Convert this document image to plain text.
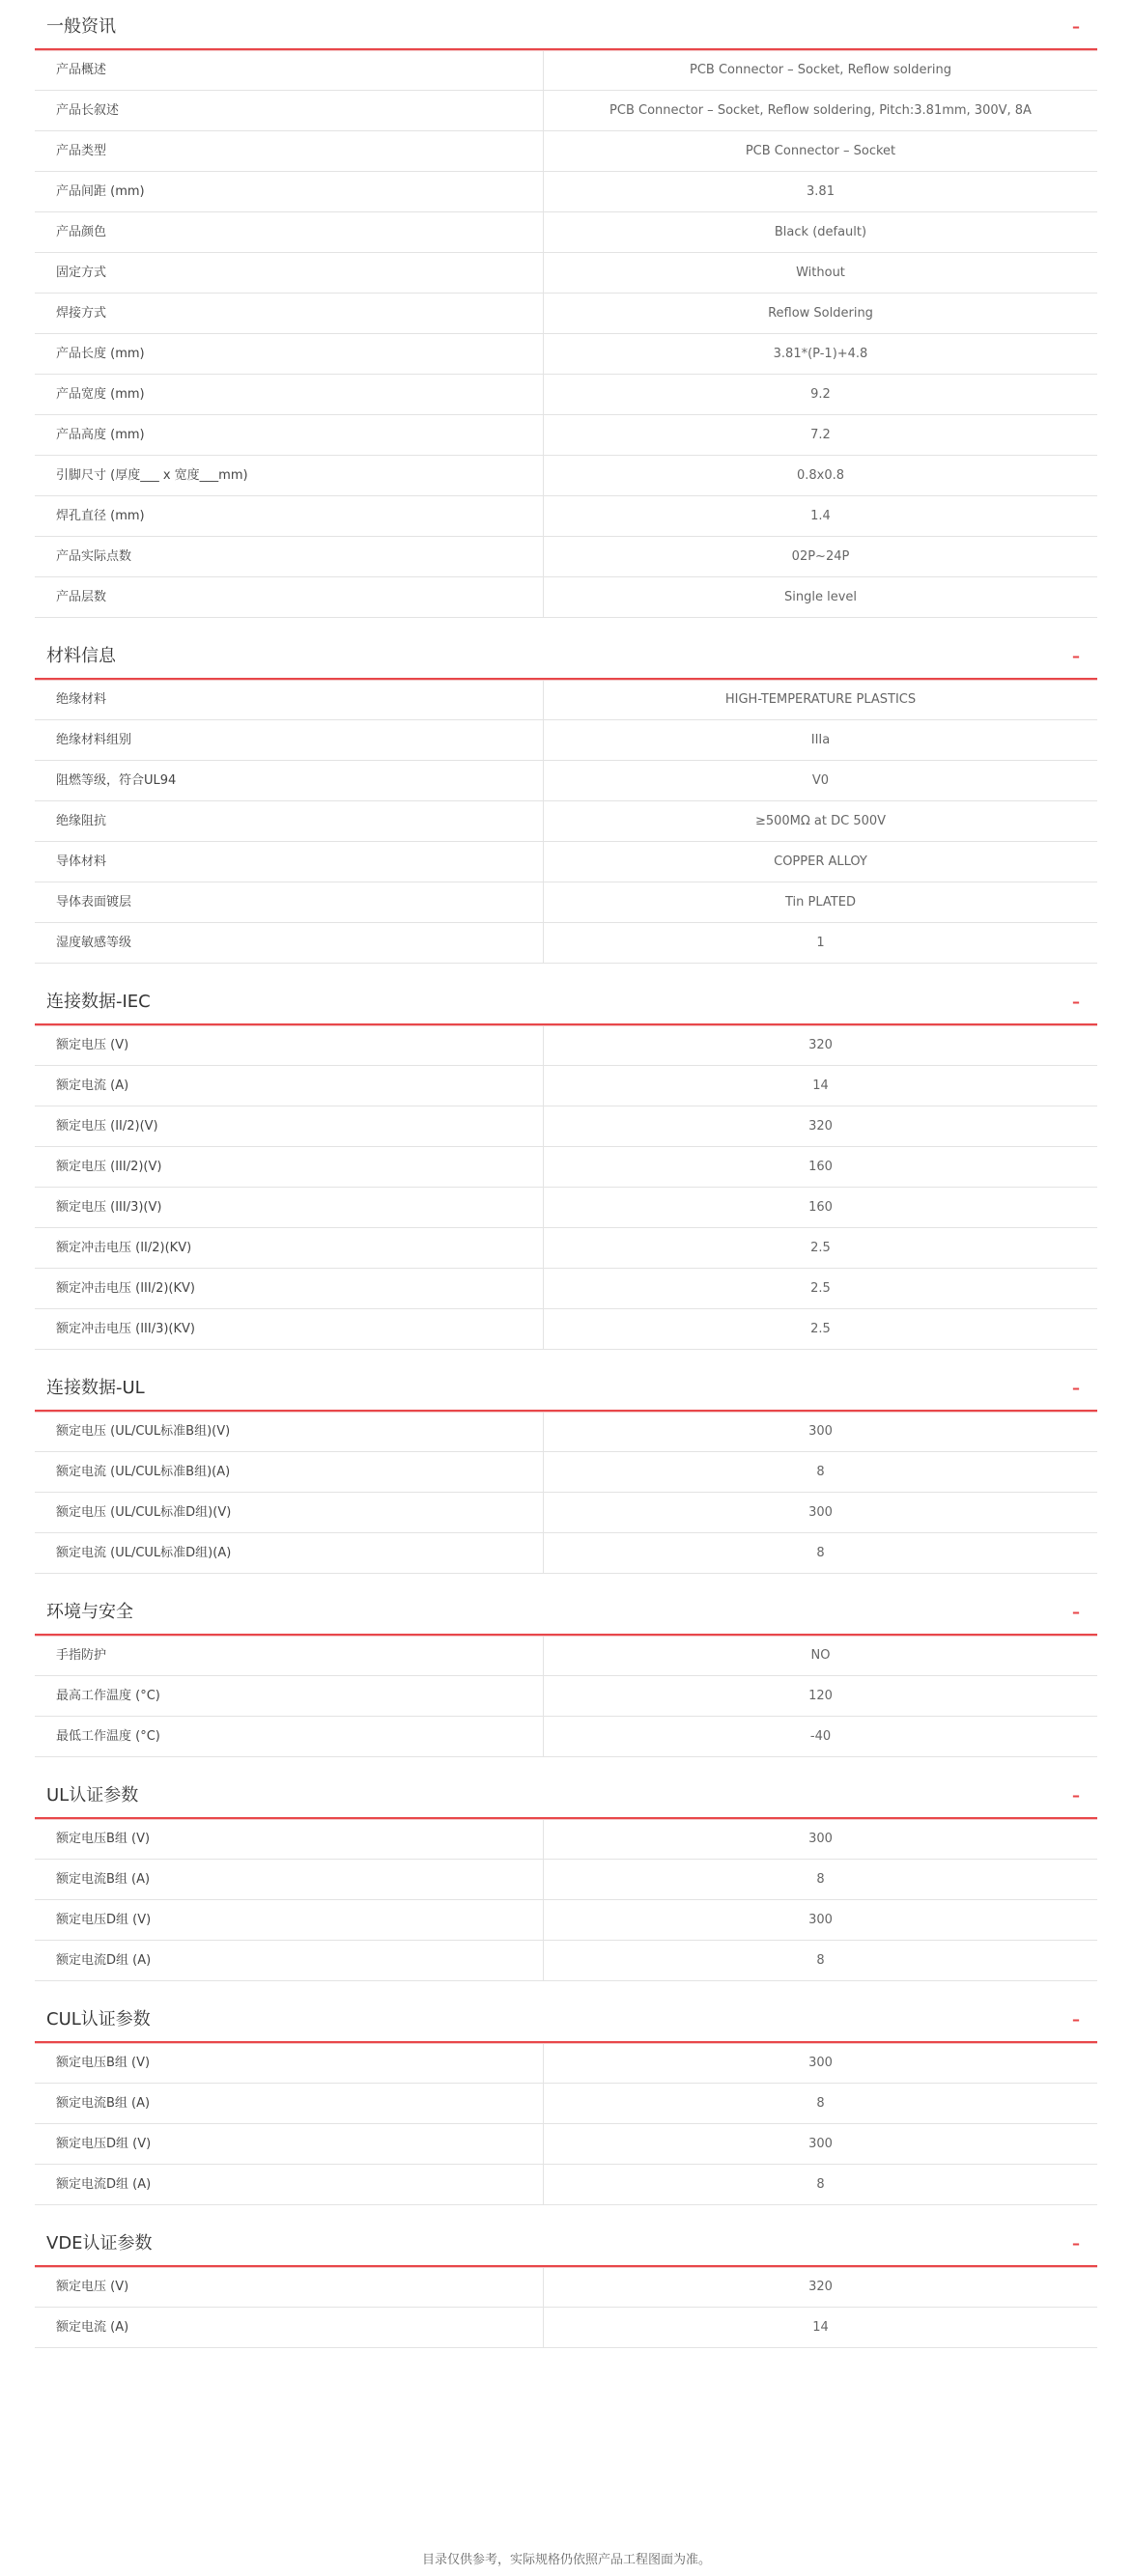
一般资讯	–
产品概述	PCB Connector – Socket, Reflow soldering
产品长叙述	PCB Connector – Socket, Reflow soldering, Pitch:3.81mm, 300V, 8A
产品类型	PCB Connector – Socket
产品间距 (mm)	3.81
产品颜色	Black (default)
固定方式	Without
焊接方式	Reflow Soldering
产品长度 (mm)	3.81*(P-1)+4.8
产品宽度 (mm)	9.2
产品高度 (mm)	7.2
引脚尺寸 (厚度___ x 宽度___mm)	0.8x0.8
焊孔直径 (mm)	1.4
产品实际点数	02P~24P
产品层数	Single level
材料信息	–
绝缘材料	HIGH-TEMPERATURE PLASTICS
绝缘材料组别	IIIa
阻燃等级，符合UL94	V0
绝缘阻抗	≥500MΩ at DC 500V
导体材料	COPPER ALLOY
导体表面镀层	Tin PLATED
湿度敏感等级	1
连接数据-IEC	–
额定电压 (V)	320
额定电流 (A)	14
额定电压 (II/2)(V)	320
额定电压 (III/2)(V)	160
额定电压 (III/3)(V)	160
额定冲击电压 (II/2)(KV)	2.5
额定冲击电压 (III/2)(KV)	2.5
额定冲击电压 (III/3)(KV)	2.5
连接数据-UL	–
额定电压 (UL/CUL标准B组)(V)	300
额定电流 (UL/CUL标准B组)(A)	8
额定电压 (UL/CUL标准D组)(V)	300
额定电流 (UL/CUL标准D组)(A)	8
环境与安全	–
手指防护	NO
最高工作温度 (°C)	120
最低工作温度 (°C)	-40
UL认证参数	–
额定电压B组 (V)	300
额定电流B组 (A)	8
额定电压D组 (V)	300
额定电流D组 (A)	8
CUL认证参数	–
额定电压B组 (V)	300
额定电流B组 (A)	8
额定电压D组 (V)	300
额定电流D组 (A)	8
VDE认证参数	–
额定电压 (V)	320
额定电流 (A)	14
目录仅供参考，实际规格仍依照产品工程图面为准。
